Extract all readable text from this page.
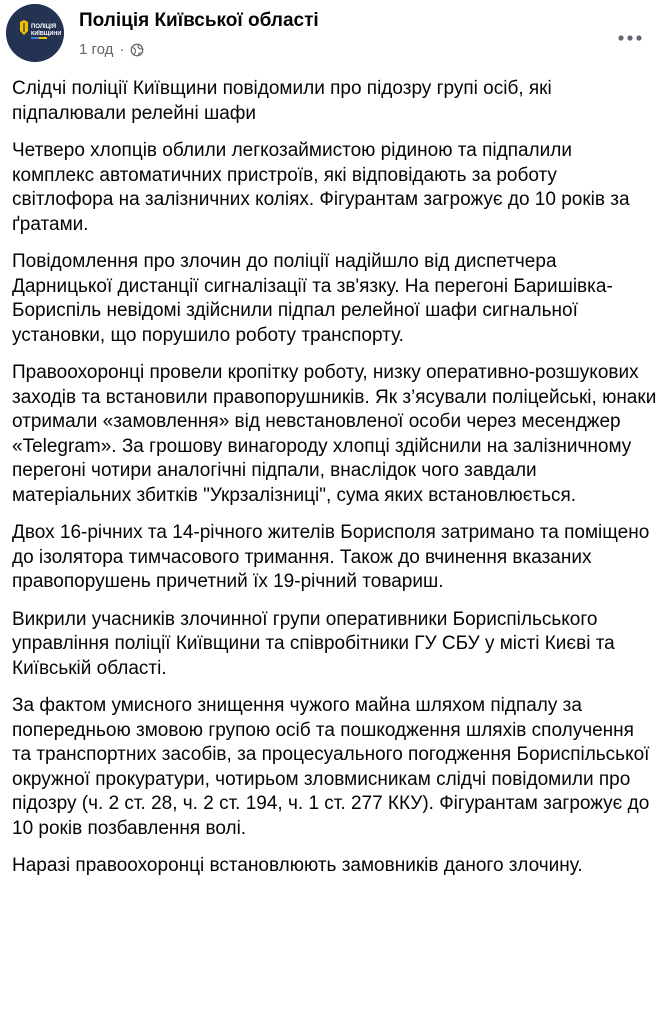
ПОЛІЦІЯ
КИЇВЩИНИ
Поліція Київської області
1 год ·

Слідчі поліції Київщини повідомили про підозру групі осіб, які підпалювали релейні шафи

Четверо хлопців облили легкозаймистою рідиною та підпалили комплекс автоматичних пристроїв, які відповідають за роботу світлофора на залізничних коліях. Фігурантам загрожує до 10 років за ґратами.

Повідомлення про злочин до поліції надійшло від диспетчера Дарницької дистанції сигналізації та зв'язку. На перегоні Баришівка-Бориспіль невідомі здійснили підпал релейної шафи сигнальної установки, що порушило роботу транспорту.

Правоохоронці провели кропітку роботу, низку оперативно-розшукових заходів та встановили правопорушників. Як з’ясували поліцейські, юнаки отримали «замовлення» від невстановленої особи через месенджер «Telegram». За грошову винагороду хлопці здійснили на залізничному перегоні чотири аналогічні підпали, внаслідок чого завдали матеріальних збитків "Укрзалізниці", сума яких встановлюється.

Двох 16-річних та 14-річного жителів Борисполя затримано та поміщено до ізолятора тимчасового тримання. Також до вчинення вказаних правопорушень причетний їх 19-річний товариш.

Викрили учасників злочинної групи оперативники Бориспільського управління поліції Київщини та співробітники ГУ СБУ у місті Києві та Київській області.

За фактом умисного знищення чужого майна шляхом підпалу за попередньою змовою групою осіб та пошкодження шляхів сполучення та транспортних засобів, за процесуального погодження Бориспільської окружної прокуратури, чотирьом зловмисникам слідчі повідомили про підозру (ч. 2 ст. 28, ч. 2 ст. 194, ч. 1 ст. 277 ККУ). Фігурантам загрожує до 10 років позбавлення волі.

Наразі правоохоронці встановлюють замовників даного злочину.
